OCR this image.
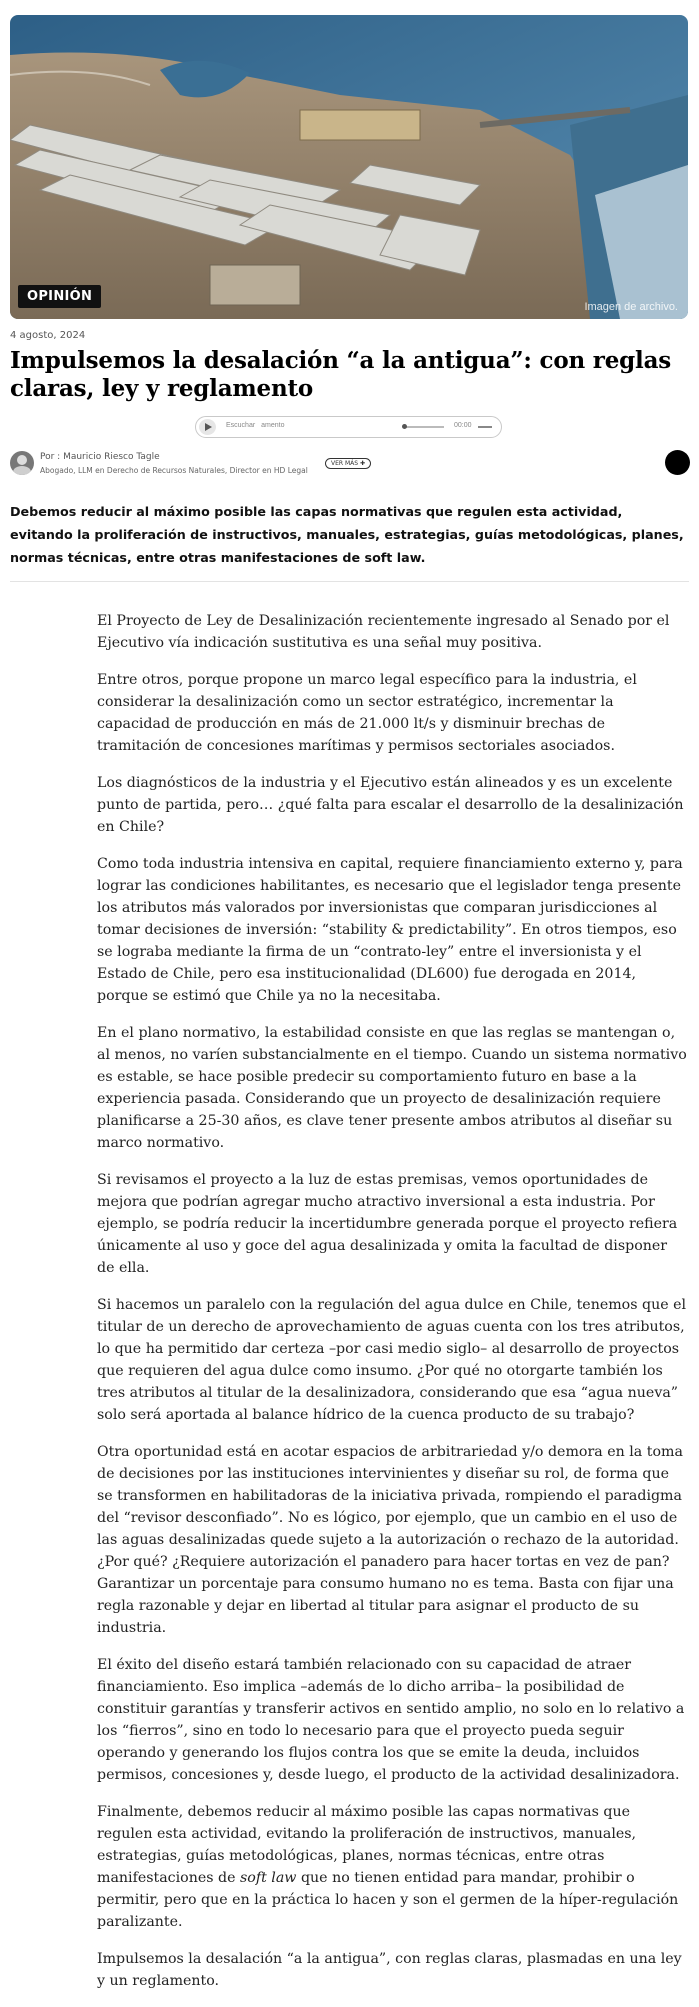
OPINIÓN
Imagen de archivo.
4 agosto, 2024
Impulsemos la desalación “a la antigua”: con reglas claras, ley y reglamento
Escuchar amento	00:00
Por : Mauricio Riesco Tagle
Abogado, LLM en Derecho de Recursos Naturales, Director en HD Legal
VER MÁS ✚

Debemos reducir al máximo posible las capas normativas que regulen esta actividad, evitando la proliferación de instructivos, manuales, estrategias, guías metodológicas, planes, normas técnicas, entre otras manifestaciones de soft law.

El Proyecto de Ley de Desalinización recientemente ingresado al Senado por el Ejecutivo vía indicación sustitutiva es una señal muy positiva.

Entre otros, porque propone un marco legal específico para la industria, el considerar la desalinización como un sector estratégico, incrementar la capacidad de producción en más de 21.000 lt/s y disminuir brechas de tramitación de concesiones marítimas y permisos sectoriales asociados.

Los diagnósticos de la industria y el Ejecutivo están alineados y es un excelente punto de partida, pero… ¿qué falta para escalar el desarrollo de la desalinización en Chile?

Como toda industria intensiva en capital, requiere financiamiento externo y, para lograr las condiciones habilitantes, es necesario que el legislador tenga presente los atributos más valorados por inversionistas que comparan jurisdicciones al tomar decisiones de inversión: “stability & predictability”. En otros tiempos, eso se lograba mediante la firma de un “contrato-ley” entre el inversionista y el Estado de Chile, pero esa institucionalidad (DL600) fue derogada en 2014, porque se estimó que Chile ya no la necesitaba.

En el plano normativo, la estabilidad consiste en que las reglas se mantengan o, al menos, no varíen substancialmente en el tiempo. Cuando un sistema normativo es estable, se hace posible predecir su comportamiento futuro en base a la experiencia pasada. Considerando que un proyecto de desalinización requiere planificarse a 25-30 años, es clave tener presente ambos atributos al diseñar su marco normativo.

Si revisamos el proyecto a la luz de estas premisas, vemos oportunidades de mejora que podrían agregar mucho atractivo inversional a esta industria. Por ejemplo, se podría reducir la incertidumbre generada porque el proyecto refiera únicamente al uso y goce del agua desalinizada y omita la facultad de disponer de ella.

Si hacemos un paralelo con la regulación del agua dulce en Chile, tenemos que el titular de un derecho de aprovechamiento de aguas cuenta con los tres atributos, lo que ha permitido dar certeza –por casi medio siglo– al desarrollo de proyectos que requieren del agua dulce como insumo. ¿Por qué no otorgarte también los tres atributos al titular de la desalinizadora, considerando que esa “agua nueva” solo será aportada al balance hídrico de la cuenca producto de su trabajo?

Otra oportunidad está en acotar espacios de arbitrariedad y/o demora en la toma de decisiones por las instituciones intervinientes y diseñar su rol, de forma que se transformen en habilitadoras de la iniciativa privada, rompiendo el paradigma del “revisor desconfiado”. No es lógico, por ejemplo, que un cambio en el uso de las aguas desalinizadas quede sujeto a la autorización o rechazo de la autoridad. ¿Por qué? ¿Requiere autorización el panadero para hacer tortas en vez de pan? Garantizar un porcentaje para consumo humano no es tema. Basta con fijar una regla razonable y dejar en libertad al titular para asignar el producto de su industria.

El éxito del diseño estará también relacionado con su capacidad de atraer financiamiento. Eso implica –además de lo dicho arriba– la posibilidad de constituir garantías y transferir activos en sentido amplio, no solo en lo relativo a los “fierros”, sino en todo lo necesario para que el proyecto pueda seguir operando y generando los flujos contra los que se emite la deuda, incluidos permisos, concesiones y, desde luego, el producto de la actividad desalinizadora.

Finalmente, debemos reducir al máximo posible las capas normativas que regulen esta actividad, evitando la proliferación de instructivos, manuales, estrategias, guías metodológicas, planes, normas técnicas, entre otras manifestaciones de soft law que no tienen entidad para mandar, prohibir o permitir, pero que en la práctica lo hacen y son el germen de la híper-regulación paralizante.

Impulsemos la desalación “a la antigua”, con reglas claras, plasmadas en una ley y un reglamento.
